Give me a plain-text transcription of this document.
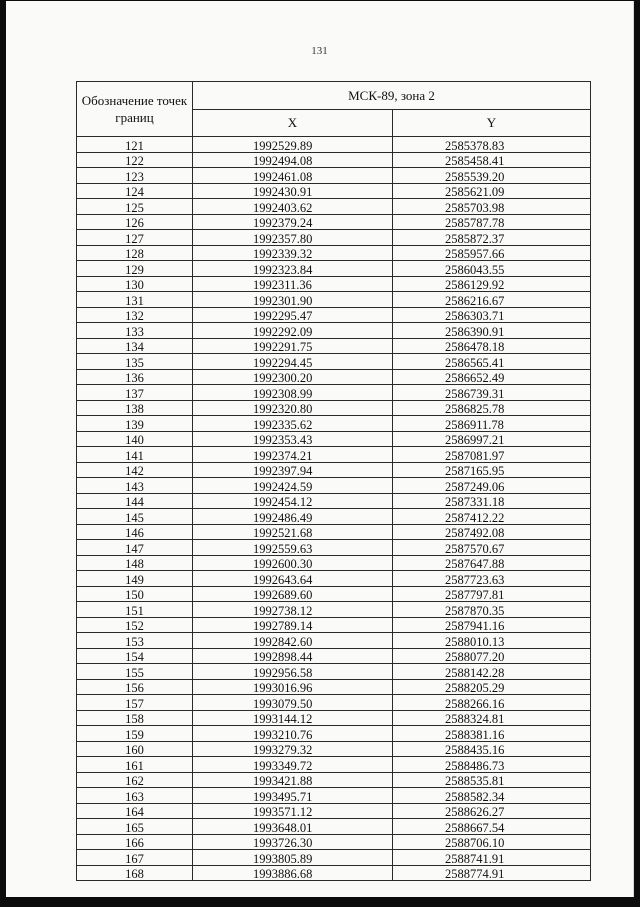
131
Обозначение точек границ	МСК-89, зона 2	
	X	Y
121	1992529.89	2585378.83
122	1992494.08	2585458.41
123	1992461.08	2585539.20
124	1992430.91	2585621.09
125	1992403.62	2585703.98
126	1992379.24	2585787.78
127	1992357.80	2585872.37
128	1992339.32	2585957.66
129	1992323.84	2586043.55
130	1992311.36	2586129.92
131	1992301.90	2586216.67
132	1992295.47	2586303.71
133	1992292.09	2586390.91
134	1992291.75	2586478.18
135	1992294.45	2586565.41
136	1992300.20	2586652.49
137	1992308.99	2586739.31
138	1992320.80	2586825.78
139	1992335.62	2586911.78
140	1992353.43	2586997.21
141	1992374.21	2587081.97
142	1992397.94	2587165.95
143	1992424.59	2587249.06
144	1992454.12	2587331.18
145	1992486.49	2587412.22
146	1992521.68	2587492.08
147	1992559.63	2587570.67
148	1992600.30	2587647.88
149	1992643.64	2587723.63
150	1992689.60	2587797.81
151	1992738.12	2587870.35
152	1992789.14	2587941.16
153	1992842.60	2588010.13
154	1992898.44	2588077.20
155	1992956.58	2588142.28
156	1993016.96	2588205.29
157	1993079.50	2588266.16
158	1993144.12	2588324.81
159	1993210.76	2588381.16
160	1993279.32	2588435.16
161	1993349.72	2588486.73
162	1993421.88	2588535.81
163	1993495.71	2588582.34
164	1993571.12	2588626.27
165	1993648.01	2588667.54
166	1993726.30	2588706.10
167	1993805.89	2588741.91
168	1993886.68	2588774.91
